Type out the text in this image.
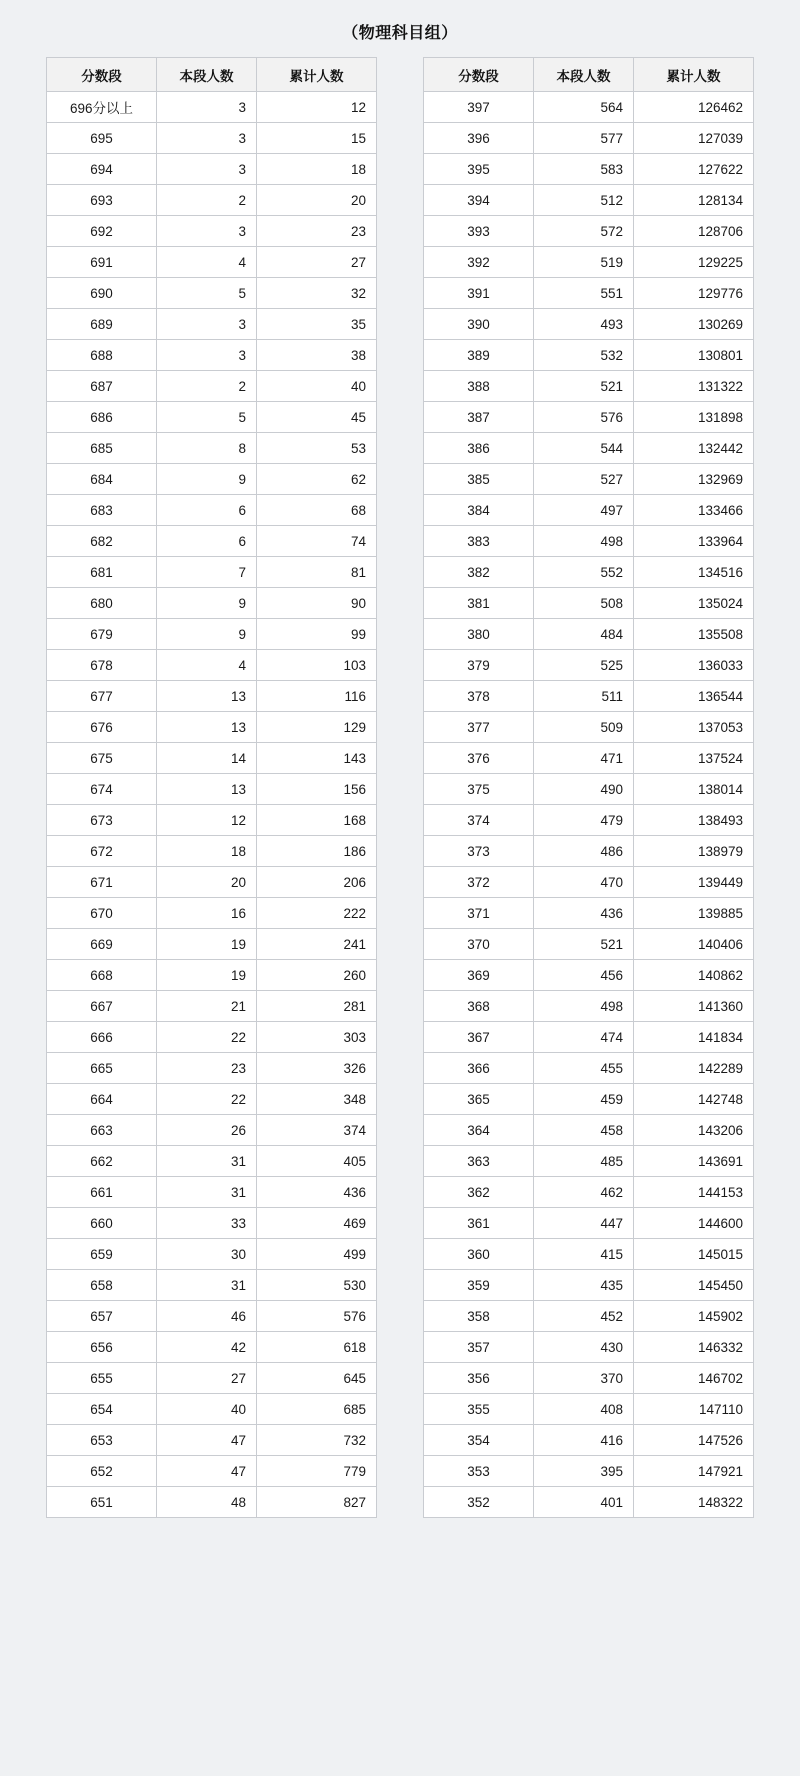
（物理科目组）
分数段	本段人数	累计人数
696分以上	3	12
695	3	15
694	3	18
693	2	20
692	3	23
691	4	27
690	5	32
689	3	35
688	3	38
687	2	40
686	5	45
685	8	53
684	9	62
683	6	68
682	6	74
681	7	81
680	9	90
679	9	99
678	4	103
677	13	116
676	13	129
675	14	143
674	13	156
673	12	168
672	18	186
671	20	206
670	16	222
669	19	241
668	19	260
667	21	281
666	22	303
665	23	326
664	22	348
663	26	374
662	31	405
661	31	436
660	33	469
659	30	499
658	31	530
657	46	576
656	42	618
655	27	645
654	40	685
653	47	732
652	47	779
651	48	827
分数段	本段人数	累计人数
397	564	126462
396	577	127039
395	583	127622
394	512	128134
393	572	128706
392	519	129225
391	551	129776
390	493	130269
389	532	130801
388	521	131322
387	576	131898
386	544	132442
385	527	132969
384	497	133466
383	498	133964
382	552	134516
381	508	135024
380	484	135508
379	525	136033
378	511	136544
377	509	137053
376	471	137524
375	490	138014
374	479	138493
373	486	138979
372	470	139449
371	436	139885
370	521	140406
369	456	140862
368	498	141360
367	474	141834
366	455	142289
365	459	142748
364	458	143206
363	485	143691
362	462	144153
361	447	144600
360	415	145015
359	435	145450
358	452	145902
357	430	146332
356	370	146702
355	408	147110
354	416	147526
353	395	147921
352	401	148322
